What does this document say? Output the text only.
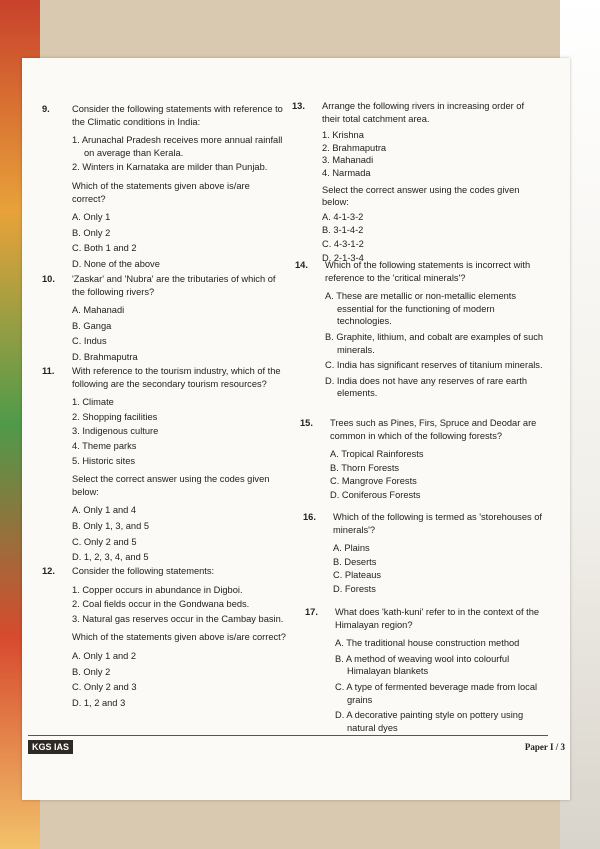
9. Consider the following statements with reference to the Climatic conditions in India:
1. Arunachal Pradesh receives more annual rainfall on average than Kerala.
2. Winters in Karnataka are milder than Punjab.
Which of the statements given above is/are correct?
A. Only 1
B. Only 2
C. Both 1 and 2
D. None of the above
10. 'Zaskar' and 'Nubra' are the tributaries of which of the following rivers?
A. Mahanadi
B. Ganga
C. Indus
D. Brahmaputra
11. With reference to the tourism industry, which of the following are the secondary tourism resources?
1. Climate
2. Shopping facilities
3. Indigenous culture
4. Theme parks
5. Historic sites
Select the correct answer using the codes given below:
A. Only 1 and 4
B. Only 1, 3, and 5
C. Only 2 and 5
D. 1, 2, 3, 4, and 5
12. Consider the following statements:
1. Copper occurs in abundance in Digboi.
2. Coal fields occur in the Gondwana beds.
3. Natural gas reserves occur in the Cambay basin.
Which of the statements given above is/are correct?
A. Only 1 and 2
B. Only 2
C. Only 2 and 3
D. 1, 2 and 3
13. Arrange the following rivers in increasing order of their total catchment area.
1. Krishna
2. Brahmaputra
3. Mahanadi
4. Narmada
Select the correct answer using the codes given below:
A. 4-1-3-2
B. 3-1-4-2
C. 4-3-1-2
D. 2-1-3-4
14. Which of the following statements is incorrect with reference to the 'critical minerals'?
A. These are metallic or non-metallic elements essential for the functioning of modern technologies.
B. Graphite, lithium, and cobalt are examples of such minerals.
C. India has significant reserves of titanium minerals.
D. India does not have any reserves of rare earth elements.
15. Trees such as Pines, Firs, Spruce and Deodar are common in which of the following forests?
A. Tropical Rainforests
B. Thorn Forests
C. Mangrove Forests
D. Coniferous Forests
16. Which of the following is termed as 'storehouses of minerals'?
A. Plains
B. Deserts
C. Plateaus
D. Forests
17. What does 'kath-kuni' refer to in the context of the Himalayan region?
A. The traditional house construction method
B. A method of weaving wool into colourful Himalayan blankets
C. A type of fermented beverage made from local grains
D. A decorative painting style on pottery using natural dyes
KGS IAS	Paper I / 3
